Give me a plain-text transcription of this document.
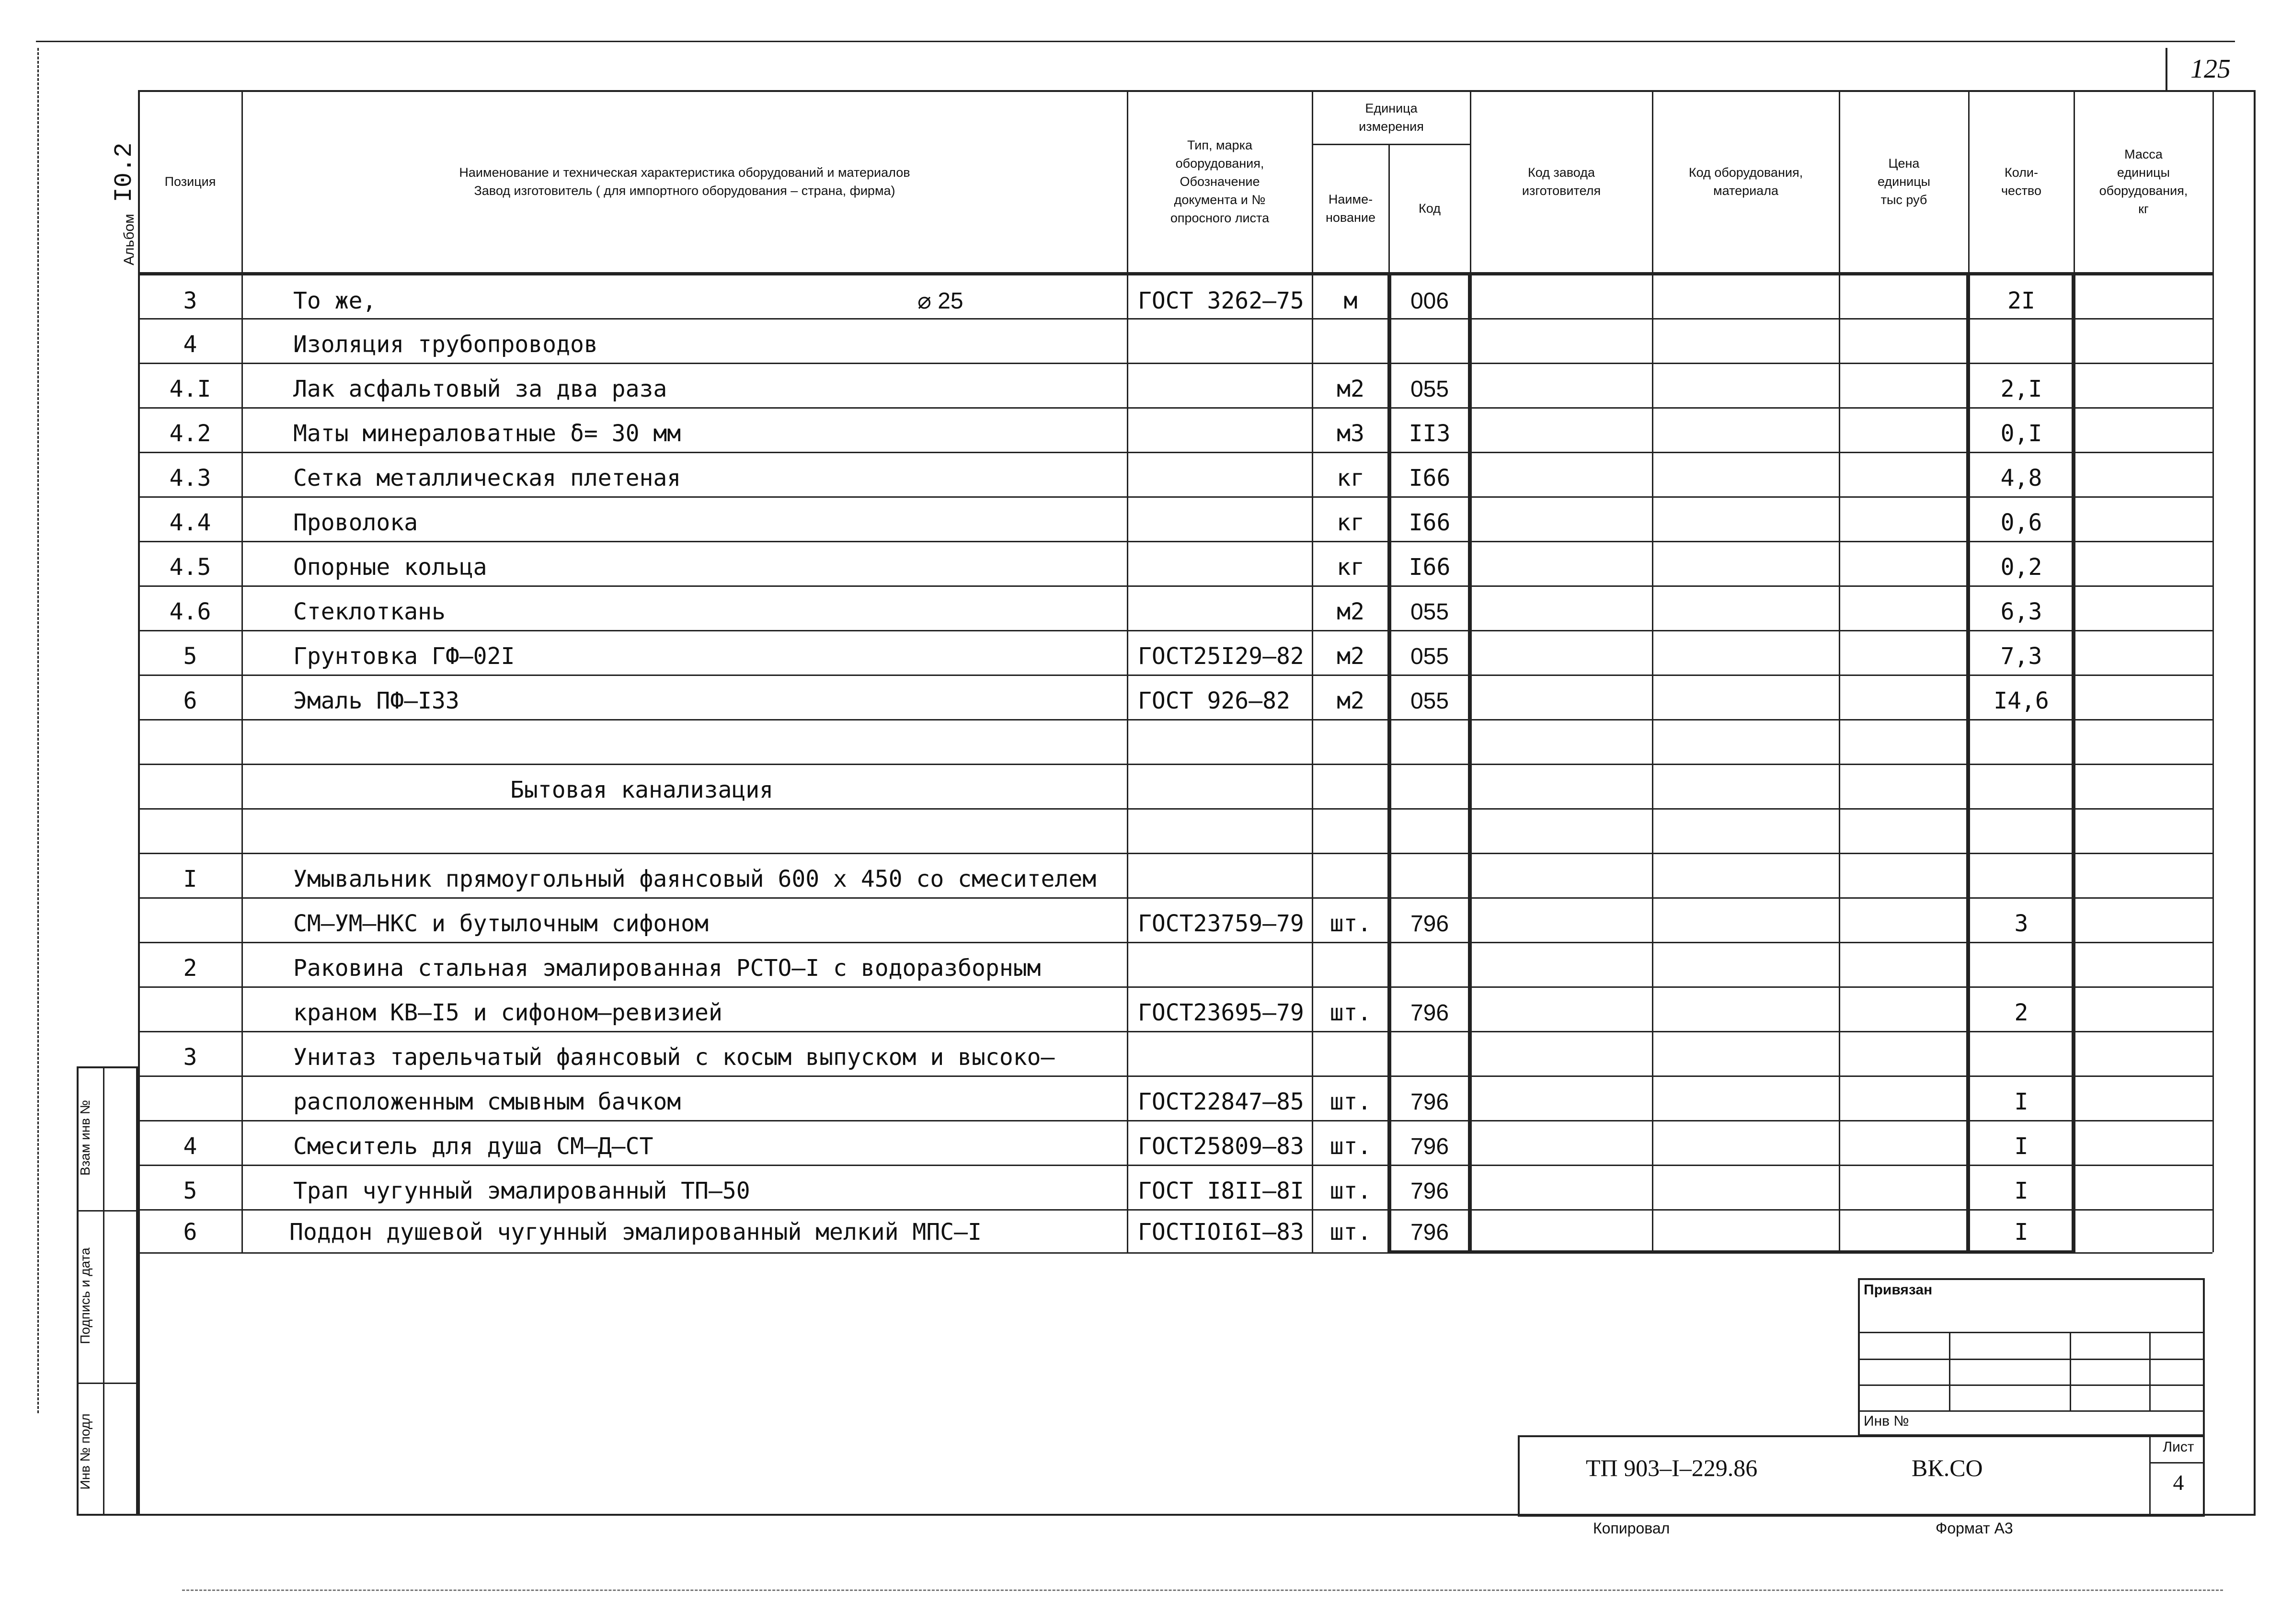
125
Альбом
I0.2
Взам инв №
Подпись и дата
Инв № подл
Позиция
Наименование и техническая характеристика оборудований и материалов
Завод изготовитель ( для импортного оборудования – страна, фирма)
Тип, марка
оборудования,
Обозначение
документа и №
опросного листа
Единица
измерения
Наиме-
нование
Код
Код завода
изготовителя
Код оборудования,
материала
Цена
единицы
тыс руб
Коли-
чество
Масса
единицы
оборудования,
кг
3	То же,	⌀ 25	ГОСТ 3262–75	м	006	2I
4	Изоляция трубопроводов
4.I	Лак асфальтовый за два раза	м2	055	2,I
4.2	Маты минераловатные δ= 30 мм	м3	II3	0,I
4.3	Сетка металлическая плетеная	кг	I66	4,8
4.4	Проволока	кг	I66	0,6
4.5	Опорные кольца	кг	I66	0,2
4.6	Стеклоткань	м2	055	6,3
5	Грунтовка ГФ–02I	ГОСТ25I29–82	м2	055	7,3
6	Эмаль ПФ–I33	ГОСТ 926–82	м2	055	I4,6
Бытовая канализация
I	Умывальник прямоугольный фаянсовый 600 х 450 со смесителем
СМ–УМ–НКС и бутылочным сифоном	ГОСТ23759–79	шт.	796	3
2	Раковина стальная эмалированная РСТО–I с водоразборным
краном КВ–I5 и сифоном–ревизией	ГОСТ23695–79	шт.	796	2
3	Унитаз тарельчатый фаянсовый с косым выпуском и высоко–
расположенным смывным бачком	ГОСТ22847–85	шт.	796	I
4	Смеситель для душа СМ–Д–СТ	ГОСТ25809–83	шт.	796	I
5	Трап чугунный эмалированный ТП–50	ГОСТ I8II–8I	шт.	796	I
6	Поддон душевой чугунный эмалированный мелкий МПС–I	ГОСТIOI6I–83	шт.	796	I
Привязан
Инв №
ТП 903–I–229.86	ВК.СО
Лист
4
Копировал	Формат А3
